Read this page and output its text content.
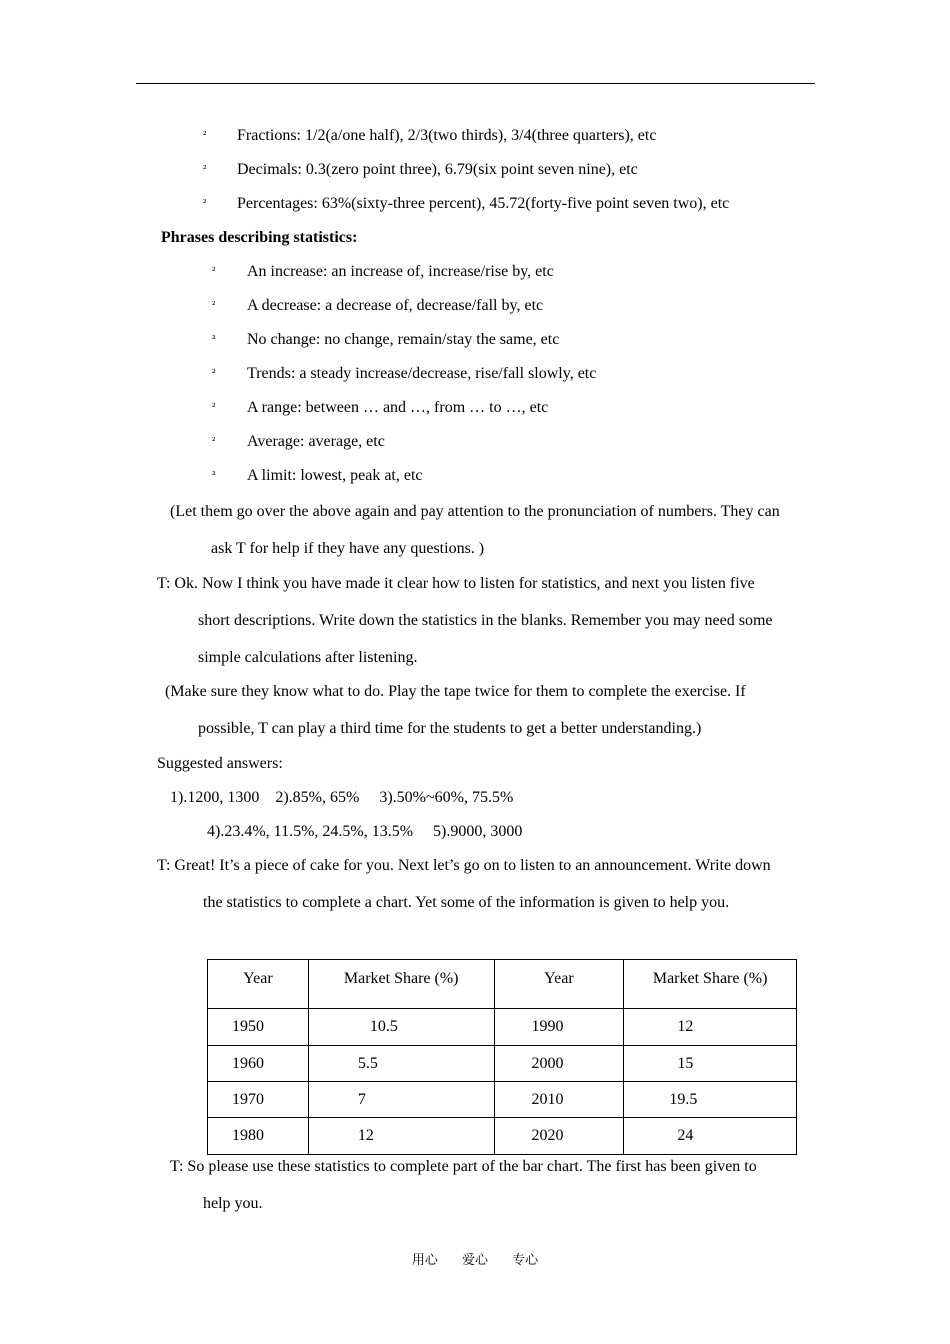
² Fractions: 1/2(a/one half), 2/3(two thirds), 3/4(three quarters), etc
² Decimals: 0.3(zero point three), 6.79(six point seven nine), etc
² Percentages: 63%(sixty-three percent), 45.72(forty-five point seven two), etc
Phrases describing statistics:
² An increase: an increase of, increase/rise by, etc
² A decrease: a decrease of, decrease/fall by, etc
² No change: no change, remain/stay the same, etc
² Trends: a steady increase/decrease, rise/fall slowly, etc
² A range: between … and …, from … to …, etc
² Average: average, etc
² A limit: lowest, peak at, etc
(Let them go over the above again and pay attention to the pronunciation of numbers. They can
ask T for help if they have any questions. )
T: Ok. Now I think you have made it clear how to listen for statistics, and next you listen five
short descriptions. Write down the statistics in the blanks. Remember you may need some
simple calculations after listening.
(Make sure they know what to do. Play the tape twice for them to complete the exercise. If
possible, T can play a third time for the students to get a better understanding.)
Suggested answers:
1).1200, 1300    2).85%, 65%     3).50%~60%, 75.5%
4).23.4%, 11.5%, 24.5%, 13.5%     5).9000, 3000
T: Great! It’s a piece of cake for you. Next let’s go on to listen to an announcement. Write down
the statistics to complete a chart. Yet some of the information is given to help you.
Year	Market Share (%)	Year	Market Share (%)
1950	10.5	1990	12
1960	5.5	2000	15
1970	7	2010	19.5
1980	12	2020	24
T: So please use these statistics to complete part of the bar chart. The first has been given to
help you.
用心 爱心 专心
